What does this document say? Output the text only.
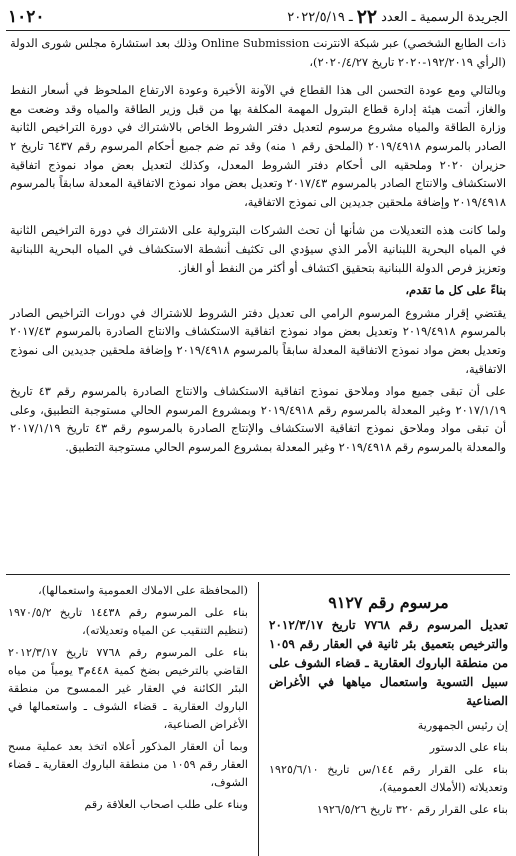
الجريدة الرسمية
ـ
العدد
٢٢
ـ
٢٠٢٢/٥/١٩
١٠٢٠

ذات الطابع الشخصي) عبر شبكة الانترنت Online Submission وذلك بعد استشارة مجلس شورى الدولة (الرأي ١٩٢/٢٠١٩-٢٠٢٠ تاريخ ٢٠٢٠/٤/٢٧)،

وبالتالي ومع عودة التحسن الى هذا القطاع في الآونة الأخيرة وعودة الارتفاع الملحوظ في أسعار النفط والغاز، أتمت هيئة إدارة قطاع البترول المهمة المكلفة بها من قبل وزير الطاقة والمياه وقد وضعت مع وزارة الطاقة والمياه مشروع مرسوم لتعديل دفتر الشروط الخاص بالاشتراك في دورة التراخيص الثانية الصادر بالمرسوم ٢٠١٩/٤٩١٨ (الملحق رقم ١ منه) وقد تم ضم جميع أحكام المرسوم رقم ٦٤٣٧ تاريخ ٢ حزيران ٢٠٢٠ وملحقيه الى أحكام دفتر الشروط المعدل، وكذلك لتعديل بعض مواد نموذج اتفاقية الاستكشاف والانتاج الصادر بالمرسوم ٢٠١٧/٤٣ وتعديل بعض مواد نموذج الاتفاقية المعدلة سابقاً بالمرسوم ٢٠١٩/٤٩١٨ وإضافة ملحقين جديدين الى نموذج الاتفاقية،

ولما كانت هذه التعديلات من شأنها أن تحث الشركات البترولية على الاشتراك في دورة التراخيص الثانية في المياه البحرية اللبنانية الأمر الذي سيؤدي الى تكثيف أنشطة الاستكشاف في المياه البحرية اللبنانية وتعزيز فرص الدولة اللبنانية بتحقيق اكتشاف أو أكثر من النفط أو الغاز.

بناءً على كل ما تقدم،

يقتضي إقرار مشروع المرسوم الرامي الى تعديل دفتر الشروط للاشتراك في دورات التراخيص الصادر بالمرسوم ٢٠١٩/٤٩١٨ وتعديل بعض مواد نموذج اتفاقية الاستكشاف والانتاج الصادرة بالمرسوم ٢٠١٧/٤٣ وتعديل بعض مواد نموذج الاتفاقية المعدلة سابقاً بالمرسوم ٢٠١٩/٤٩١٨ وإضافة ملحقين جديدين الى نموذج الاتفاقية،

على أن تبقى جميع مواد وملاحق نموذج اتفاقية الاستكشاف والانتاج الصادرة بالمرسوم رقم ٤٣ تاريخ ٢٠١٧/١/١٩ وغير المعدلة بالمرسوم رقم ٢٠١٩/٤٩١٨ وبمشروع المرسوم الحالي مستوجبة التطبيق، وعلى أن تبقى مواد وملاحق نموذج اتفاقية الاستكشاف والإنتاج الصادرة بالمرسوم رقم ٤٣ تاريخ ٢٠١٧/١/١٩ والمعدلة بالمرسوم رقم ٢٠١٩/٤٩١٨ وغير المعدلة بمشروع المرسوم الحالي مستوجبة التطبيق.

مرسوم رقم ٩١٢٧
تعديل المرسوم رقم ٧٧٦٨ تاريخ ٢٠١٢/٣/١٧ والترخيص بتعميق بئر ثانية في العقار رقم ١٠٥٩ من منطقة الباروك العقارية ـ قضاء الشوف على سبيل التسوية واستعمال مياهها في الأغراض الصناعية

إن رئيس الجمهورية

بناء على الدستور

بناء على القرار رقم ١٤٤/س تاريخ ١٩٢٥/٦/١٠ وتعديلاته (الأملاك العمومية)،

بناء على القرار رقم ٣٢٠ تاريخ ١٩٢٦/٥/٢٦

(المحافظة على الاملاك العمومية واستعمالها)،

بناء على المرسوم رقم ١٤٤٣٨ تاريخ ١٩٧٠/٥/٢ (تنظيم التنقيب عن المياه وتعديلاته)،

بناء على المرسوم رقم ٧٧٦٨ تاريخ ٢٠١٢/٣/١٧ القاضي بالترخيص بضخ كمية ٤٤٨م٣ يومياً من مياه البئر الكائنة في العقار غير الممسوح من منطقة الباروك العقارية ـ قضاء الشوف ـ واستعمالها في الأغراض الصناعية،

وبما أن العقار المذكور أعلاه اتخذ بعد عملية مسح العقار رقم ١٠٥٩ من منطقة الباروك العقارية ـ قضاء الشوف،

وبناء على طلب اصحاب العلاقة رقم
